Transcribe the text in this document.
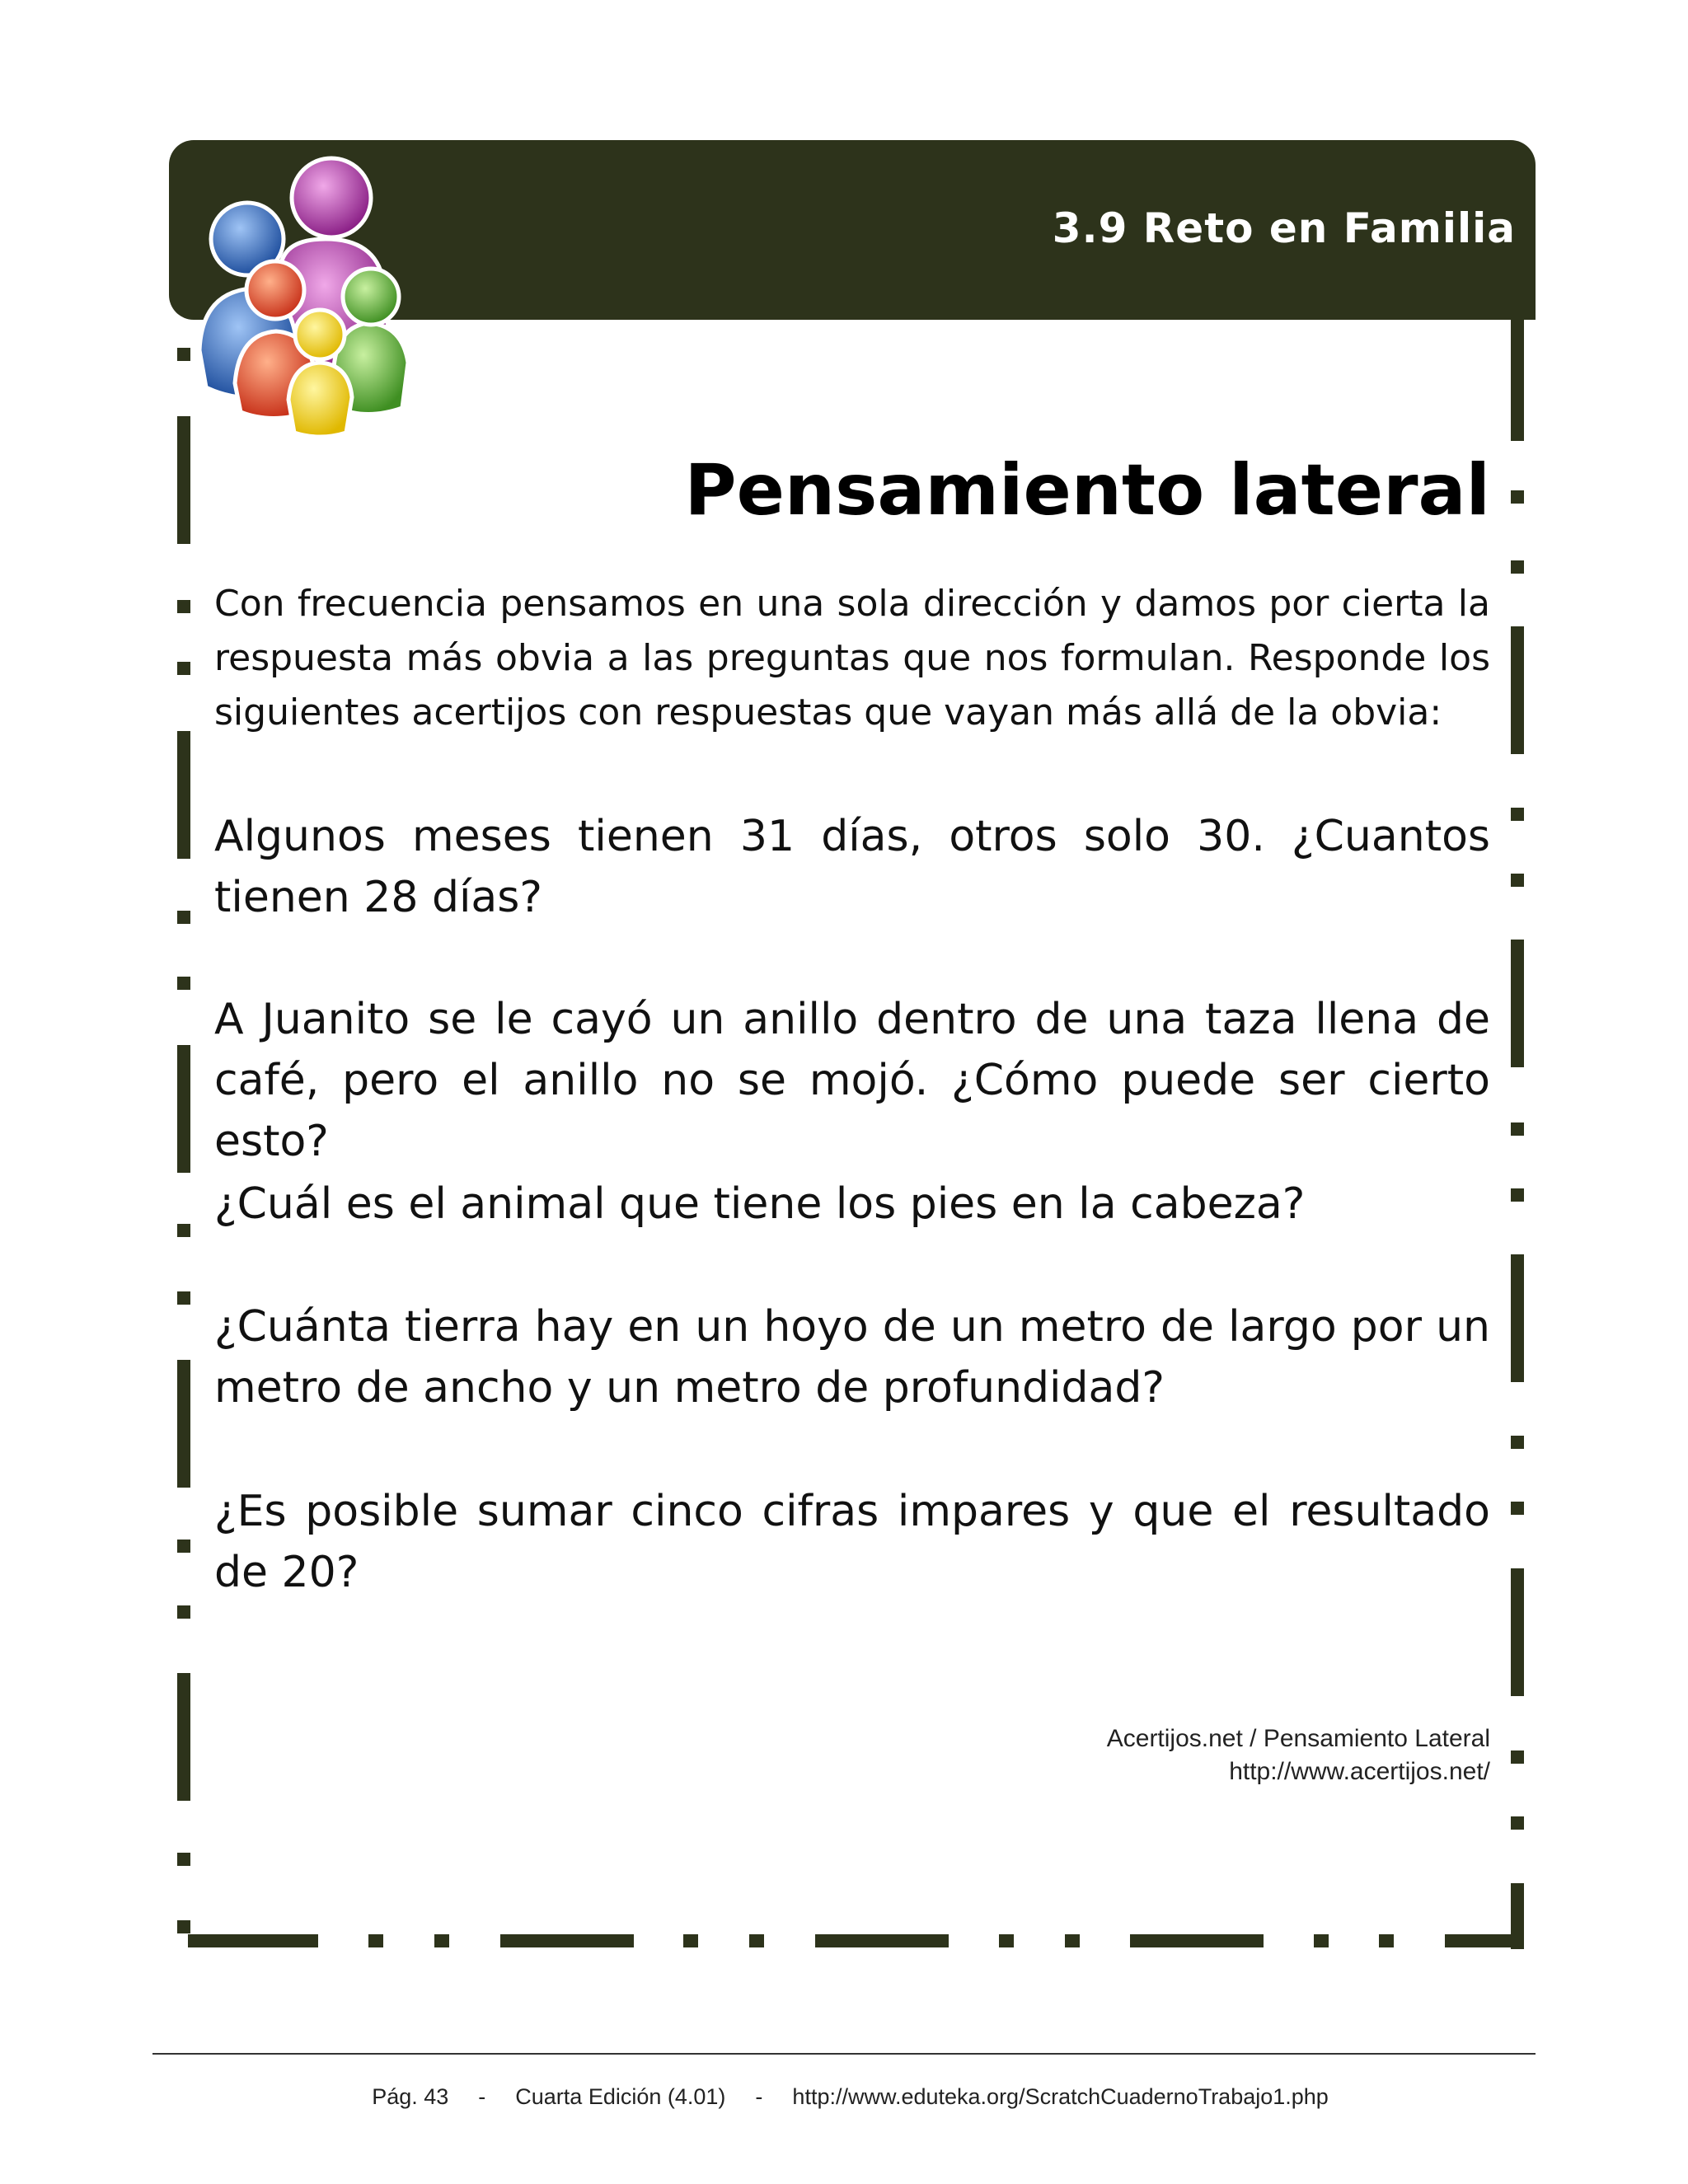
3.9 Reto en Familia
Pensamiento lateral
Con frecuencia pensamos en una sola dirección y damos por cierta la respuesta más obvia a las preguntas que nos formulan. Responde los siguientes acertijos con respuestas que vayan más allá de la obvia:
Algunos meses tienen 31 días, otros solo 30. ¿Cuantos tienen 28 días?
A Juanito se le cayó un anillo dentro de una taza llena de café, pero el anillo no se mojó. ¿Cómo puede ser cierto esto?
¿Cuál es el animal que tiene los pies en la cabeza?
¿Cuánta tierra hay en un hoyo de un metro de largo por un metro de ancho y un metro de profundidad?
¿Es posible sumar cinco cifras impares y que el resultado de 20?
Acertijos.net / Pensamiento Lateral
http://www.acertijos.net/

Pág. 43 - Cuarta Edición (4.01) - http://www.eduteka.org/ScratchCuadernoTrabajo1.php
